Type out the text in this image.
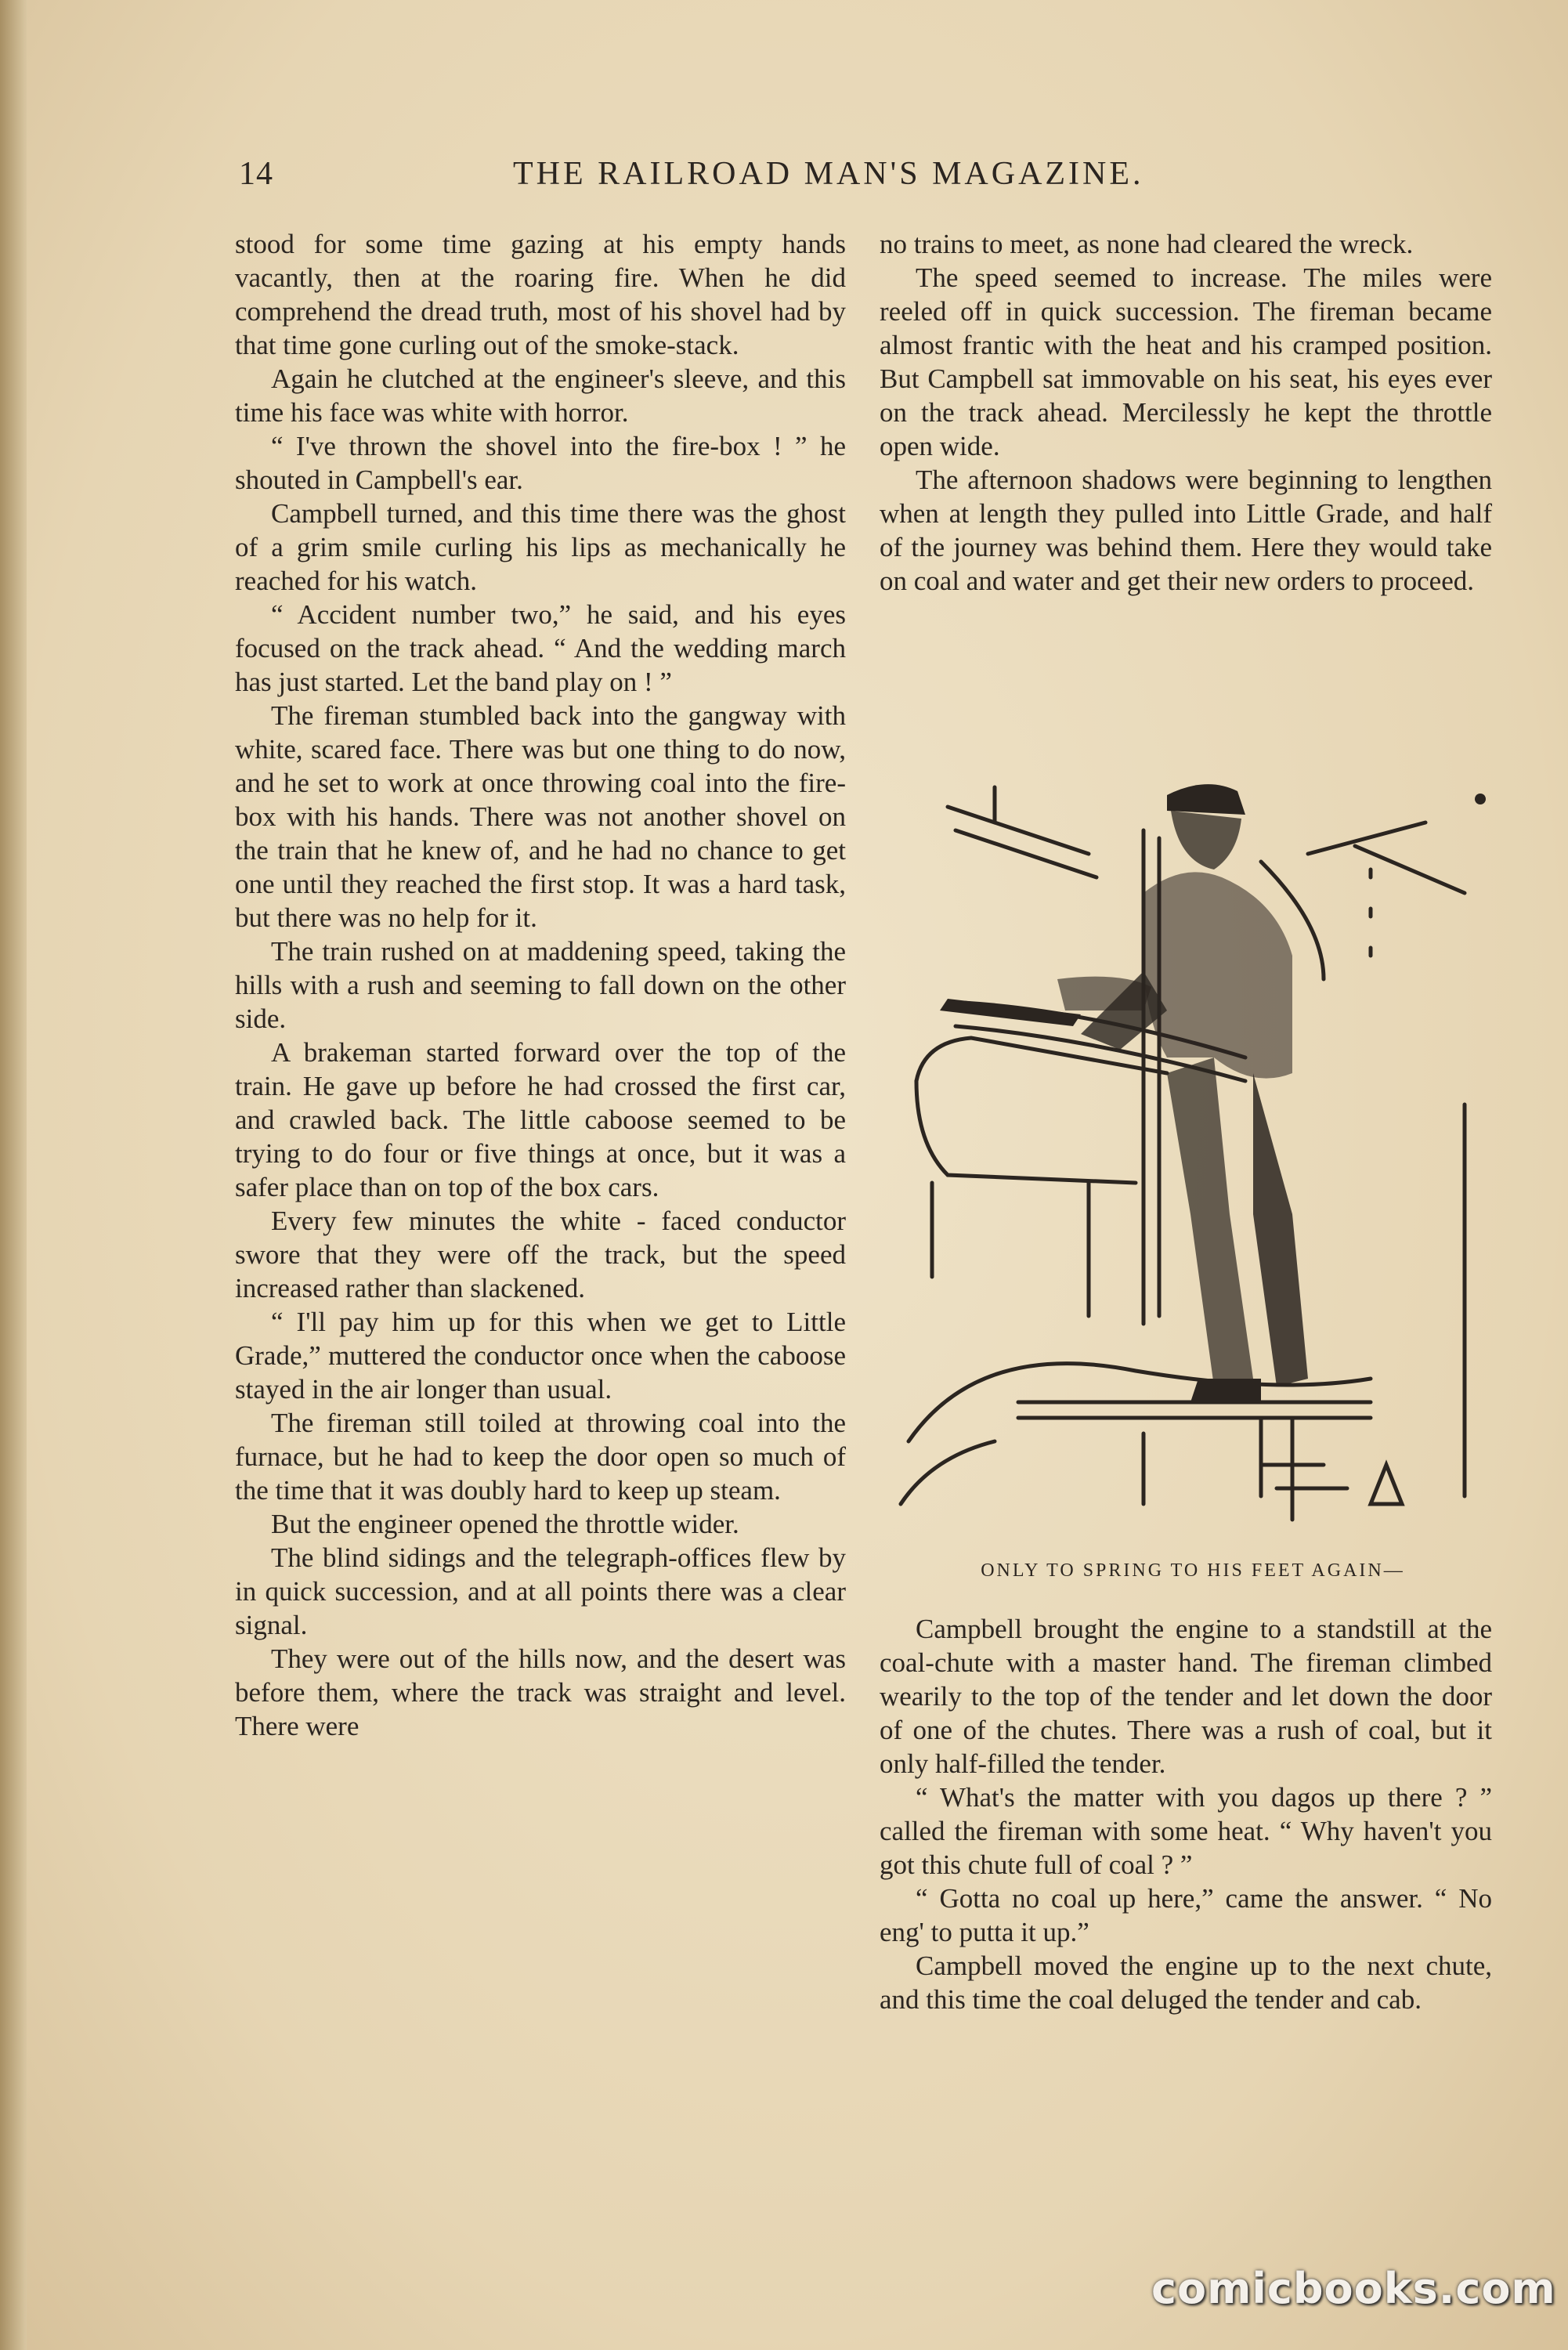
14	THE RAILROAD MAN'S MAGAZINE.

stood for some time gazing at his empty hands vacantly, then at the roaring fire. When he did comprehend the dread truth, most of his shovel had by that time gone curling out of the smoke-stack.

Again he clutched at the engineer's sleeve, and this time his face was white with horror.

“ I've thrown the shovel into the fire-box ! ” he shouted in Campbell's ear.

Campbell turned, and this time there was the ghost of a grim smile curling his lips as mechanically he reached for his watch.

“ Accident number two,” he said, and his eyes focused on the track ahead. “ And the wedding march has just started. Let the band play on ! ”

The fireman stumbled back into the gangway with white, scared face. There was but one thing to do now, and he set to work at once throwing coal into the fire-box with his hands. There was not another shovel on the train that he knew of, and he had no chance to get one until they reached the first stop. It was a hard task, but there was no help for it.

The train rushed on at maddening speed, taking the hills with a rush and seeming to fall down on the other side.

A brakeman started forward over the top of the train. He gave up before he had crossed the first car, and crawled back. The little caboose seemed to be trying to do four or five things at once, but it was a safer place than on top of the box cars.

Every few minutes the white - faced conductor swore that they were off the track, but the speed increased rather than slackened.

“ I'll pay him up for this when we get to Little Grade,” muttered the conductor once when the caboose stayed in the air longer than usual.

The fireman still toiled at throwing coal into the furnace, but he had to keep the door open so much of the time that it was doubly hard to keep up steam.

But the engineer opened the throttle wider.

The blind sidings and the telegraph-offices flew by in quick succession, and at all points there was a clear signal.

They were out of the hills now, and the desert was before them, where the track was straight and level. There were

no trains to meet, as none had cleared the wreck.

The speed seemed to increase. The miles were reeled off in quick succession. The fireman became almost frantic with the heat and his cramped position. But Campbell sat immovable on his seat, his eyes ever on the track ahead. Mercilessly he kept the throttle open wide.

The afternoon shadows were beginning to lengthen when at length they pulled into Little Grade, and half of the journey was behind them. Here they would take on coal and water and get their new orders to proceed.

ONLY TO SPRING TO HIS FEET AGAIN—

Campbell brought the engine to a standstill at the coal-chute with a master hand. The fireman climbed wearily to the top of the tender and let down the door of one of the chutes. There was a rush of coal, but it only half-filled the tender.

“ What's the matter with you dagos up there ? ” called the fireman with some heat. “ Why haven't you got this chute full of coal ? ”

“ Gotta no coal up here,” came the answer. “ No eng' to putta it up.”

Campbell moved the engine up to the next chute, and this time the coal deluged the tender and cab.

comicbooks.com
